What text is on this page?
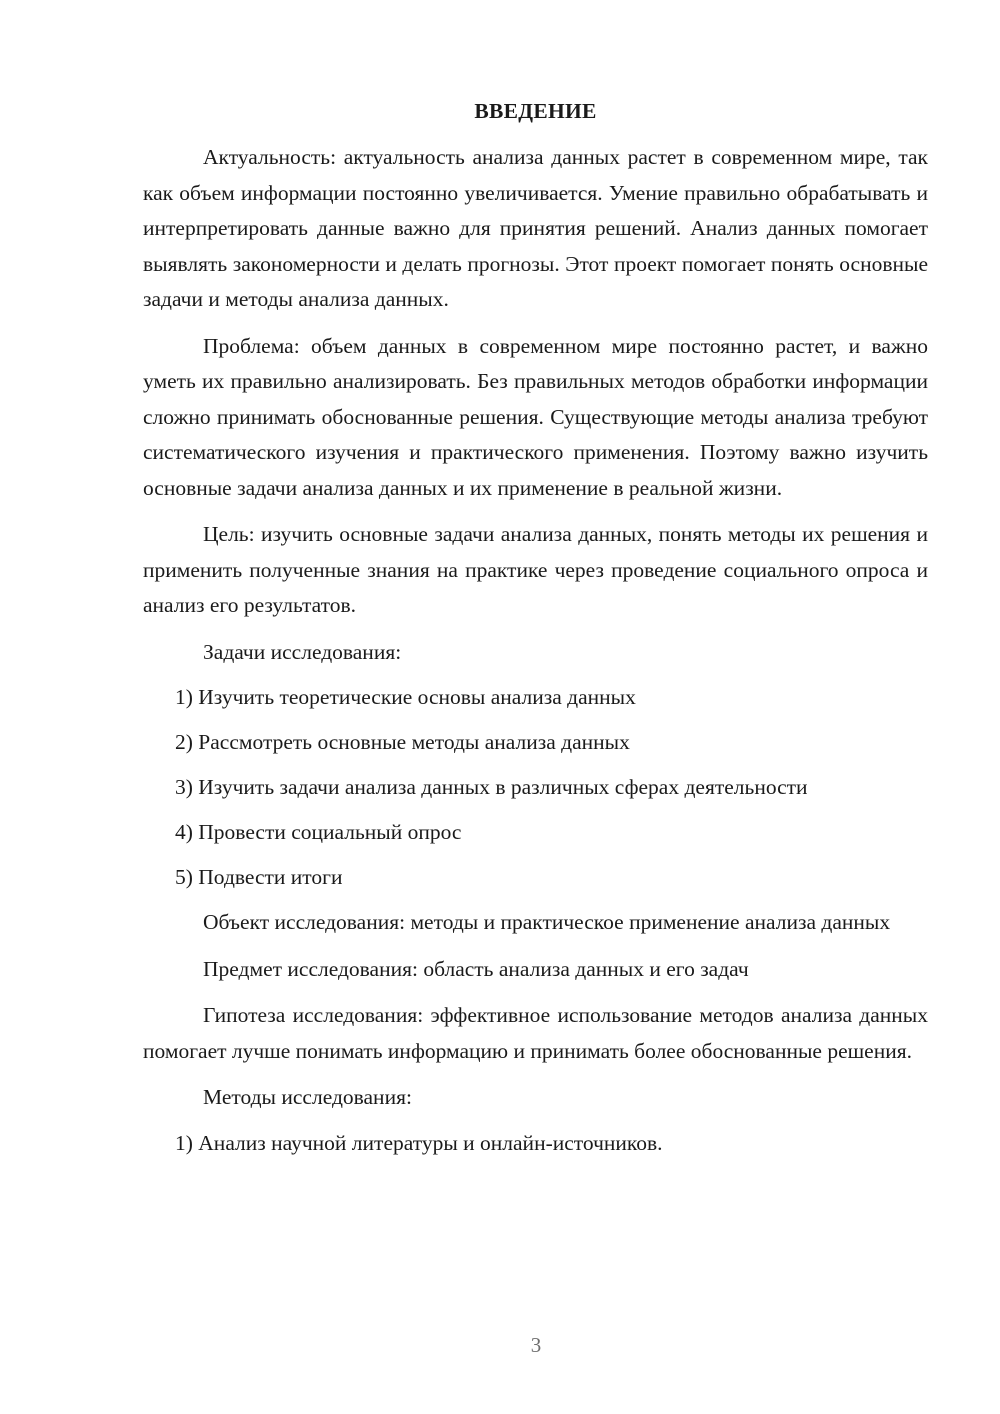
ВВЕДЕНИЕ

Актуальность: актуальность анализа данных растет в современном мире, так как объем информации постоянно увеличивается. Умение правильно обрабатывать и интерпретировать данные важно для принятия решений. Анализ данных помогает выявлять закономерности и делать прогнозы. Этот проект помогает понять основные задачи и методы анализа данных.

Проблема: объем данных в современном мире постоянно растет, и важно уметь их правильно анализировать. Без правильных методов обработки информации сложно принимать обоснованные решения. Существующие методы анализа требуют систематического изучения и практического применения. Поэтому важно изучить основные задачи анализа данных и их применение в реальной жизни.

Цель: изучить основные задачи анализа данных, понять методы их решения и применить полученные знания на практике через проведение социального опроса и анализ его результатов.

Задачи исследования:
1) Изучить теоретические основы анализа данных
2) Рассмотреть основные методы анализа данных
3) Изучить задачи анализа данных в различных сферах деятельности
4) Провести социальный опрос
5) Подвести итоги

Объект исследования: методы и практическое применение анализа данных

Предмет исследования: область анализа данных и его задач

Гипотеза исследования: эффективное использование методов анализа данных помогает лучше понимать информацию и принимать более обоснованные решения.

Методы исследования:
1) Анализ научной литературы и онлайн-источников.
3
